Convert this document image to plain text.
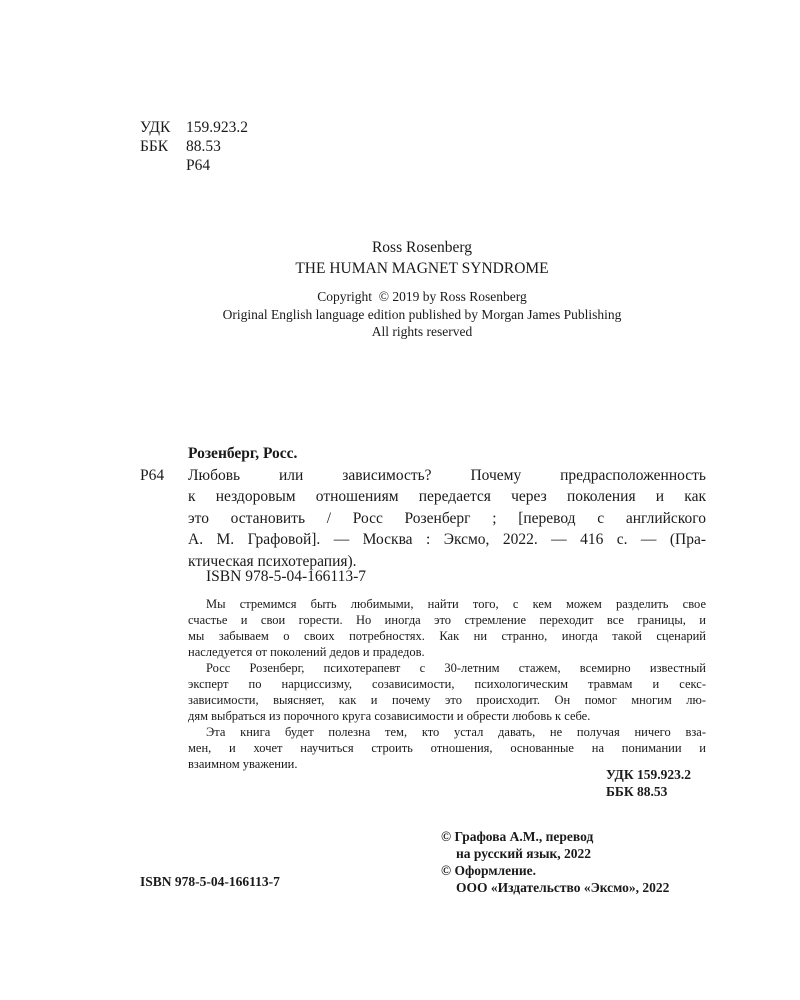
УДК	159.923.2
ББК	88.53
Р64
Ross Rosenberg
THE HUMAN MAGNET SYNDROME
Copyright  © 2019 by Ross Rosenberg
Original English language edition published by Morgan James Publishing
All rights reserved
Розенберг, Росс.
Р64	Любовь или зависимость? Почему предрасположенность
к нездоровым отношениям передается через поколения и как
это остановить / Росс Розенберг ; [перевод с английского
А. М. Графовой]. — Москва : Эксмо, 2022. — 416 с. — (Пра-
ктическая психотерапия).
ISBN 978-5-04-166113-7
Мы стремимся быть любимыми, найти того, с кем можем разделить свое
счастье и свои горести. Но иногда это стремление переходит все границы, и
мы забываем о своих потребностях. Как ни странно, иногда такой сценарий
наследуется от поколений дедов и прадедов.
Росс Розенберг, психотерапевт с 30-летним стажем, всемирно известный
эксперт по нарциссизму, созависимости, психологическим травмам и секс-
зависимости, выясняет, как и почему это происходит. Он помог многим лю-
дям выбраться из порочного круга созависимости и обрести любовь к себе.
Эта книга будет полезна тем, кто устал давать, не получая ничего вза-
мен, и хочет научиться строить отношения, основанные на понимании и
взаимном уважении.
УДК 159.923.2
ББК 88.53
© Графова А.М., перевод
на русский язык, 2022
© Оформление.
ООО «Издательство «Эксмо», 2022
ISBN 978-5-04-166113-7
